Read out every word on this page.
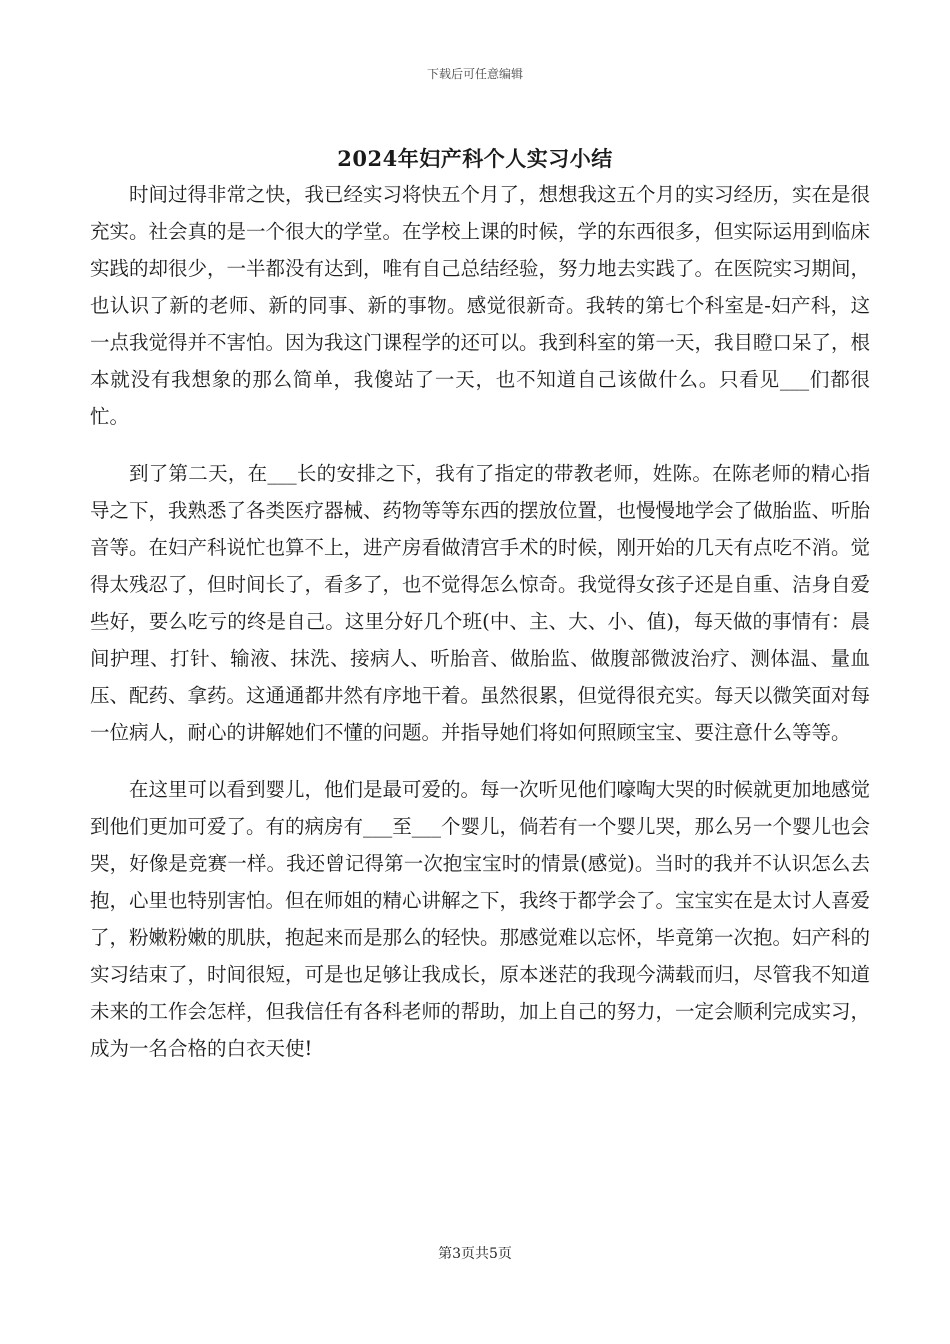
下载后可任意编辑
2024年妇产科个人实习小结

时间过得非常之快，我已经实习将快五个月了，想想我这五个月的实习经历，实在是很充实。社会真的是一个很大的学堂。在学校上课的时候，学的东西很多，但实际运用到临床实践的却很少，一半都没有达到，唯有自己总结经验，努力地去实践了。在医院实习期间，也认识了新的老师、新的同事、新的事物。感觉很新奇。我转的第七个科室是-妇产科，这一点我觉得并不害怕。因为我这门课程学的还可以。我到科室的第一天，我目瞪口呆了，根本就没有我想象的那么简单，我傻站了一天，也不知道自己该做什么。只看见___们都很忙。

到了第二天，在___长的安排之下，我有了指定的带教老师，姓陈。在陈老师的精心指导之下，我熟悉了各类医疗器械、药物等等东西的摆放位置，也慢慢地学会了做胎监、听胎音等。在妇产科说忙也算不上，进产房看做清宫手术的时候，刚开始的几天有点吃不消。觉得太残忍了，但时间长了，看多了，也不觉得怎么惊奇。我觉得女孩子还是自重、洁身自爱些好，要么吃亏的终是自己。这里分好几个班(中、主、大、小、值)，每天做的事情有：晨间护理、打针、输液、抹洗、接病人、听胎音、做胎监、做腹部微波治疗、测体温、量血压、配药、拿药。这通通都井然有序地干着。虽然很累，但觉得很充实。每天以微笑面对每一位病人，耐心的讲解她们不懂的问题。并指导她们将如何照顾宝宝、要注意什么等等。

在这里可以看到婴儿，他们是最可爱的。每一次听见他们嚎啕大哭的时候就更加地感觉到他们更加可爱了。有的病房有___至___个婴儿，倘若有一个婴儿哭，那么另一个婴儿也会哭，好像是竞赛一样。我还曾记得第一次抱宝宝时的情景(感觉)。当时的我并不认识怎么去抱，心里也特别害怕。但在师姐的精心讲解之下，我终于都学会了。宝宝实在是太讨人喜爱了，粉嫩粉嫩的肌肤，抱起来而是那么的轻快。那感觉难以忘怀，毕竟第一次抱。妇产科的实习结束了，时间很短，可是也足够让我成长，原本迷茫的我现今满载而归，尽管我不知道未来的工作会怎样，但我信任有各科老师的帮助，加上自己的努力，一定会顺利完成实习，成为一名合格的白衣天使!

第3页共5页
